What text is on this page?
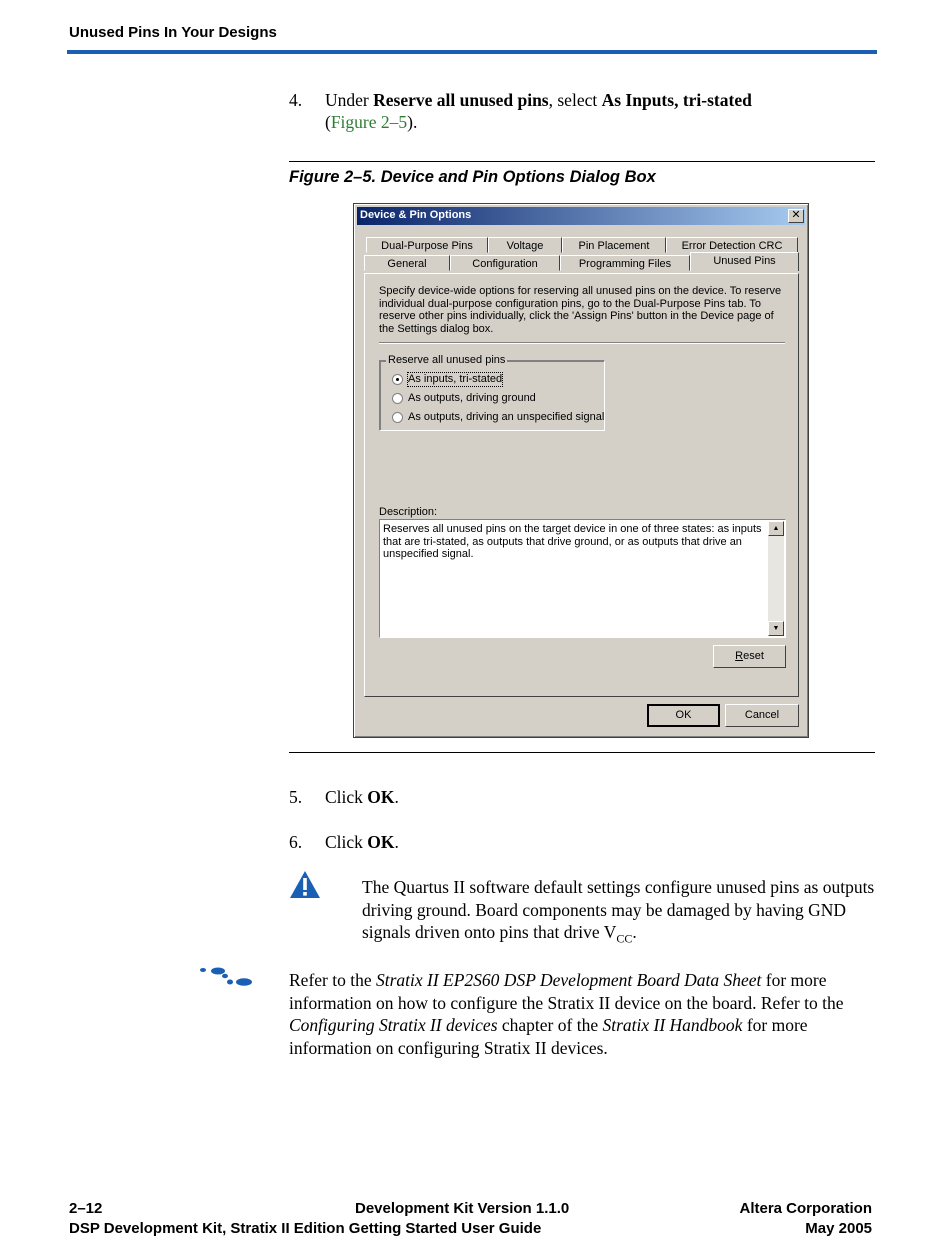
Unused Pins In Your Designs
4. Under Reserve all unused pins, select As Inputs, tri-stated
(Figure 2–5).
Figure 2–5. Device and Pin Options Dialog Box
Device & Pin Options	✕
Dual-Purpose Pins	Voltage	Pin Placement	Error Detection CRC
General	Configuration	Programming Files
Specify device-wide options for reserving all unused pins on the device. To reserve individual dual-purpose configuration pins, go to the Dual-Purpose Pins tab. To reserve other pins individually, click the 'Assign Pins' button in the Device page of the Settings dialog box.
Reserve all unused pins
As inputs, tri-stated
As outputs, driving ground
As outputs, driving an unspecified signal
Description:
Reserves all unused pins on the target device in one of three states: as inputs that are tri-stated, as outputs that drive ground, or as outputs that drive an unspecified signal.
▲
▼
Reset
Unused Pins
OK	Cancel
5. Click OK.
6. Click OK.
The Quartus II software default settings configure unused pins as outputs driving ground. Board components may be damaged by having GND signals driven onto pins that drive $V_{CC}$.
Refer to the Stratix II EP2S60 DSP Development Board Data Sheet for more information on how to configure the Stratix II device on the board. Refer to the Configuring Stratix II devices chapter of the Stratix II Handbook for more information on configuring Stratix II devices.
2–12	Development Kit Version 1.1.0	Altera Corporation
DSP Development Kit, Stratix II Edition Getting Started User Guide	May 2005
